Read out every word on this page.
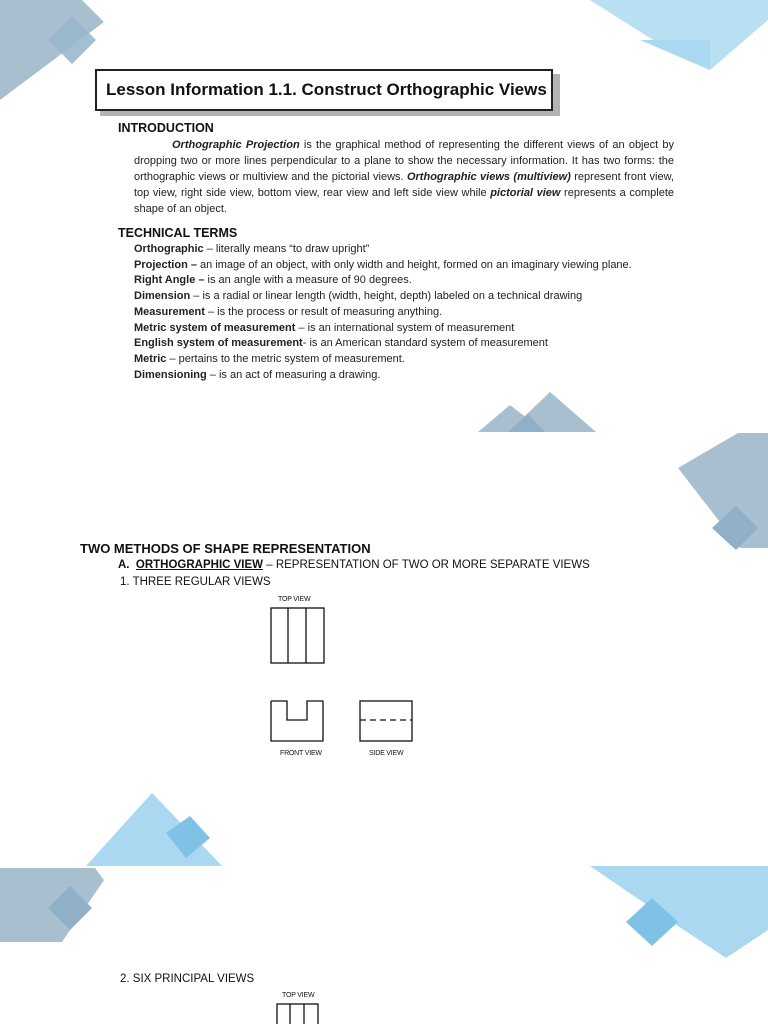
Lesson Information 1.1. Construct Orthographic Views
INTRODUCTION
Orthographic Projection is the graphical method of representing the different views of an object by dropping two or more lines perpendicular to a plane to show the necessary information. It has two forms: the orthographic views or multiview and the pictorial views. Orthographic views (multiview) represent front view, top view, right side view, bottom view, rear view and left side view while pictorial view represents a complete shape of an object.
TECHNICAL TERMS
Orthographic – literally means “to draw upright”
Projection – an image of an object, with only width and height, formed on an imaginary viewing plane.
Right Angle – is an angle with a measure of 90 degrees.
Dimension – is a radial or linear length (width, height, depth) labeled on a technical drawing
Measurement – is the process or result of measuring anything.
Metric system of measurement – is an international system of measurement
English system of measurement- is an American standard system of measurement
Metric – pertains to the metric system of measurement.
Dimensioning – is an act of measuring a drawing.
TWO METHODS OF SHAPE REPRESENTATION
A. ORTHOGRAPHIC VIEW – REPRESENTATION OF TWO OR MORE SEPARATE VIEWS
1. THREE REGULAR VIEWS
TOP VIEW
FRONT VIEW	SIDE VIEW
2. SIX PRINCIPAL VIEWS
TOP VIEW
